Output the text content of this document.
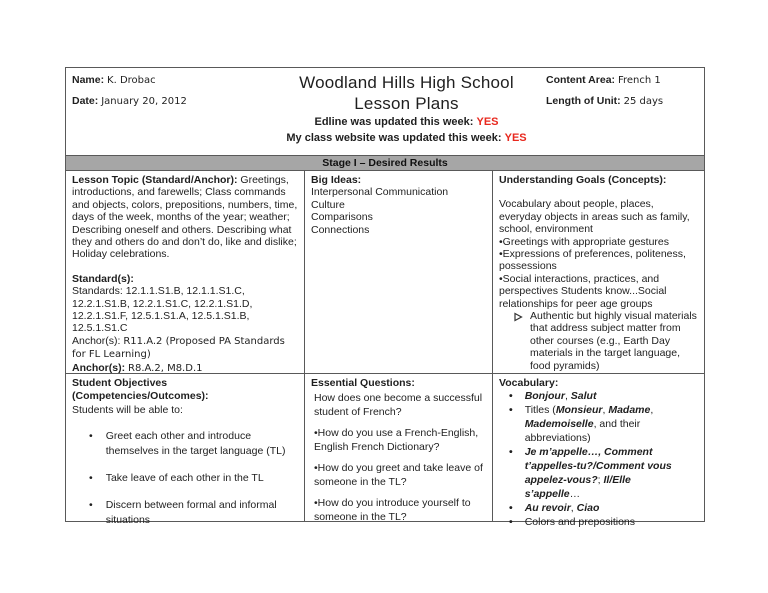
Name: K. Drobac
Date: January 20, 2012
Woodland Hills High School
Lesson Plans
Edline was updated this week: YES
My class website was updated this week: YES
Content Area: French 1
Length of Unit: 25 days
Stage I – Desired Results
Lesson Topic (Standard/Anchor): Greetings, introductions, and farewells; Class commands and objects, colors, prepositions, numbers, time, days of the week, months of the year; weather; Describing oneself and others. Describing what they and others do and don’t do, like and dislike; Holiday celebrations.
Standard(s):
Standards: 12.1.1.S1.B, 12.1.1.S1.C, 12.2.1.S1.B, 12.2.1.S1.C, 12.2.1.S1.D, 12.2.1.S1.F, 12.5.1.S1.A, 12.5.1.S1.B, 12.5.1.S1.C
Anchor(s): R11.A.2 (Proposed PA Standards for FL Learning)
Anchor(s): R8.A.2, M8.D.1
Big Ideas:
Interpersonal Communication
Culture
Comparisons
Connections
Understanding Goals (Concepts):
Vocabulary about people, places, everyday objects in areas such as family, school, environment
•Greetings with appropriate gestures
•Expressions of preferences, politeness, possessions
•Social interactions, practices, and perspectives Students know...Social relationships for peer age groups
Authentic but highly visual materials that address subject matter from other courses (e.g., Earth Day materials in the target language, food pyramids)
Student Objectives (Competencies/Outcomes):
Students will be able to:
• Greet each other and introduce themselves in the target language (TL)
• Take leave of each other in the TL
• Discern between formal and informal situations
Essential Questions:
How does one become a successful student of French?
•How do you use a French-English, English French Dictionary?
•How do you greet and take leave of someone in the TL?
•How do you introduce yourself to someone in the TL?
Vocabulary:
• Bonjour, Salut
• Titles (Monsieur, Madame, Mademoiselle, and their abbreviations)
• Je m’appelle…, Comment t’appelles-tu?/Comment vous appelez-vous?; Il/Elle s’appelle…
• Au revoir, Ciao
• Colors and prepositions
